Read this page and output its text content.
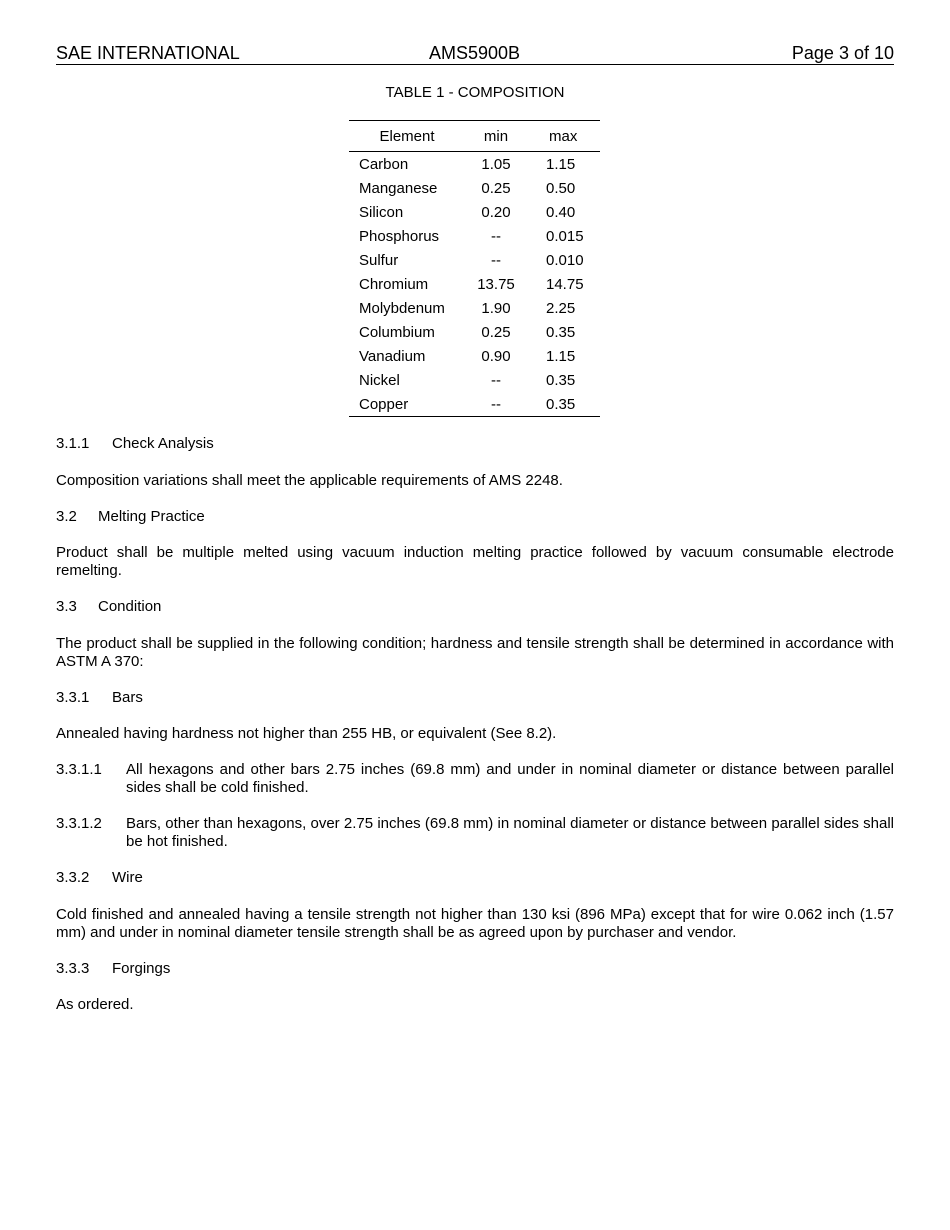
SAE INTERNATIONAL	AMS5900B	Page 3 of 10
TABLE 1 - COMPOSITION
Element	min	max
Carbon	1.05	1.15
Manganese	0.25	0.50
Silicon	0.20	0.40
Phosphorus	--	0.015
Sulfur	--	0.010
Chromium	13.75	14.75
Molybdenum	1.90	2.25
Columbium	0.25	0.35
Vanadium	0.90	1.15
Nickel	--	0.35
Copper	--	0.35
3.1.1 Check Analysis
Composition variations shall meet the applicable requirements of AMS 2248.
3.2 Melting Practice
Product shall be multiple melted using vacuum induction melting practice followed by vacuum consumable electrode remelting.
3.3 Condition
The product shall be supplied in the following condition; hardness and tensile strength shall be determined in accordance with ASTM A 370:
3.3.1 Bars
Annealed having hardness not higher than 255 HB, or equivalent (See 8.2).
3.3.1.1 All hexagons and other bars 2.75 inches (69.8 mm) and under in nominal diameter or distance between parallel sides shall be cold finished.
3.3.1.2 Bars, other than hexagons, over 2.75 inches (69.8 mm) in nominal diameter or distance between parallel sides shall be hot finished.
3.3.2 Wire
Cold finished and annealed having a tensile strength not higher than 130 ksi (896 MPa) except that for wire 0.062 inch (1.57 mm) and under in nominal diameter tensile strength shall be as agreed upon by purchaser and vendor.
3.3.3 Forgings
As ordered.
